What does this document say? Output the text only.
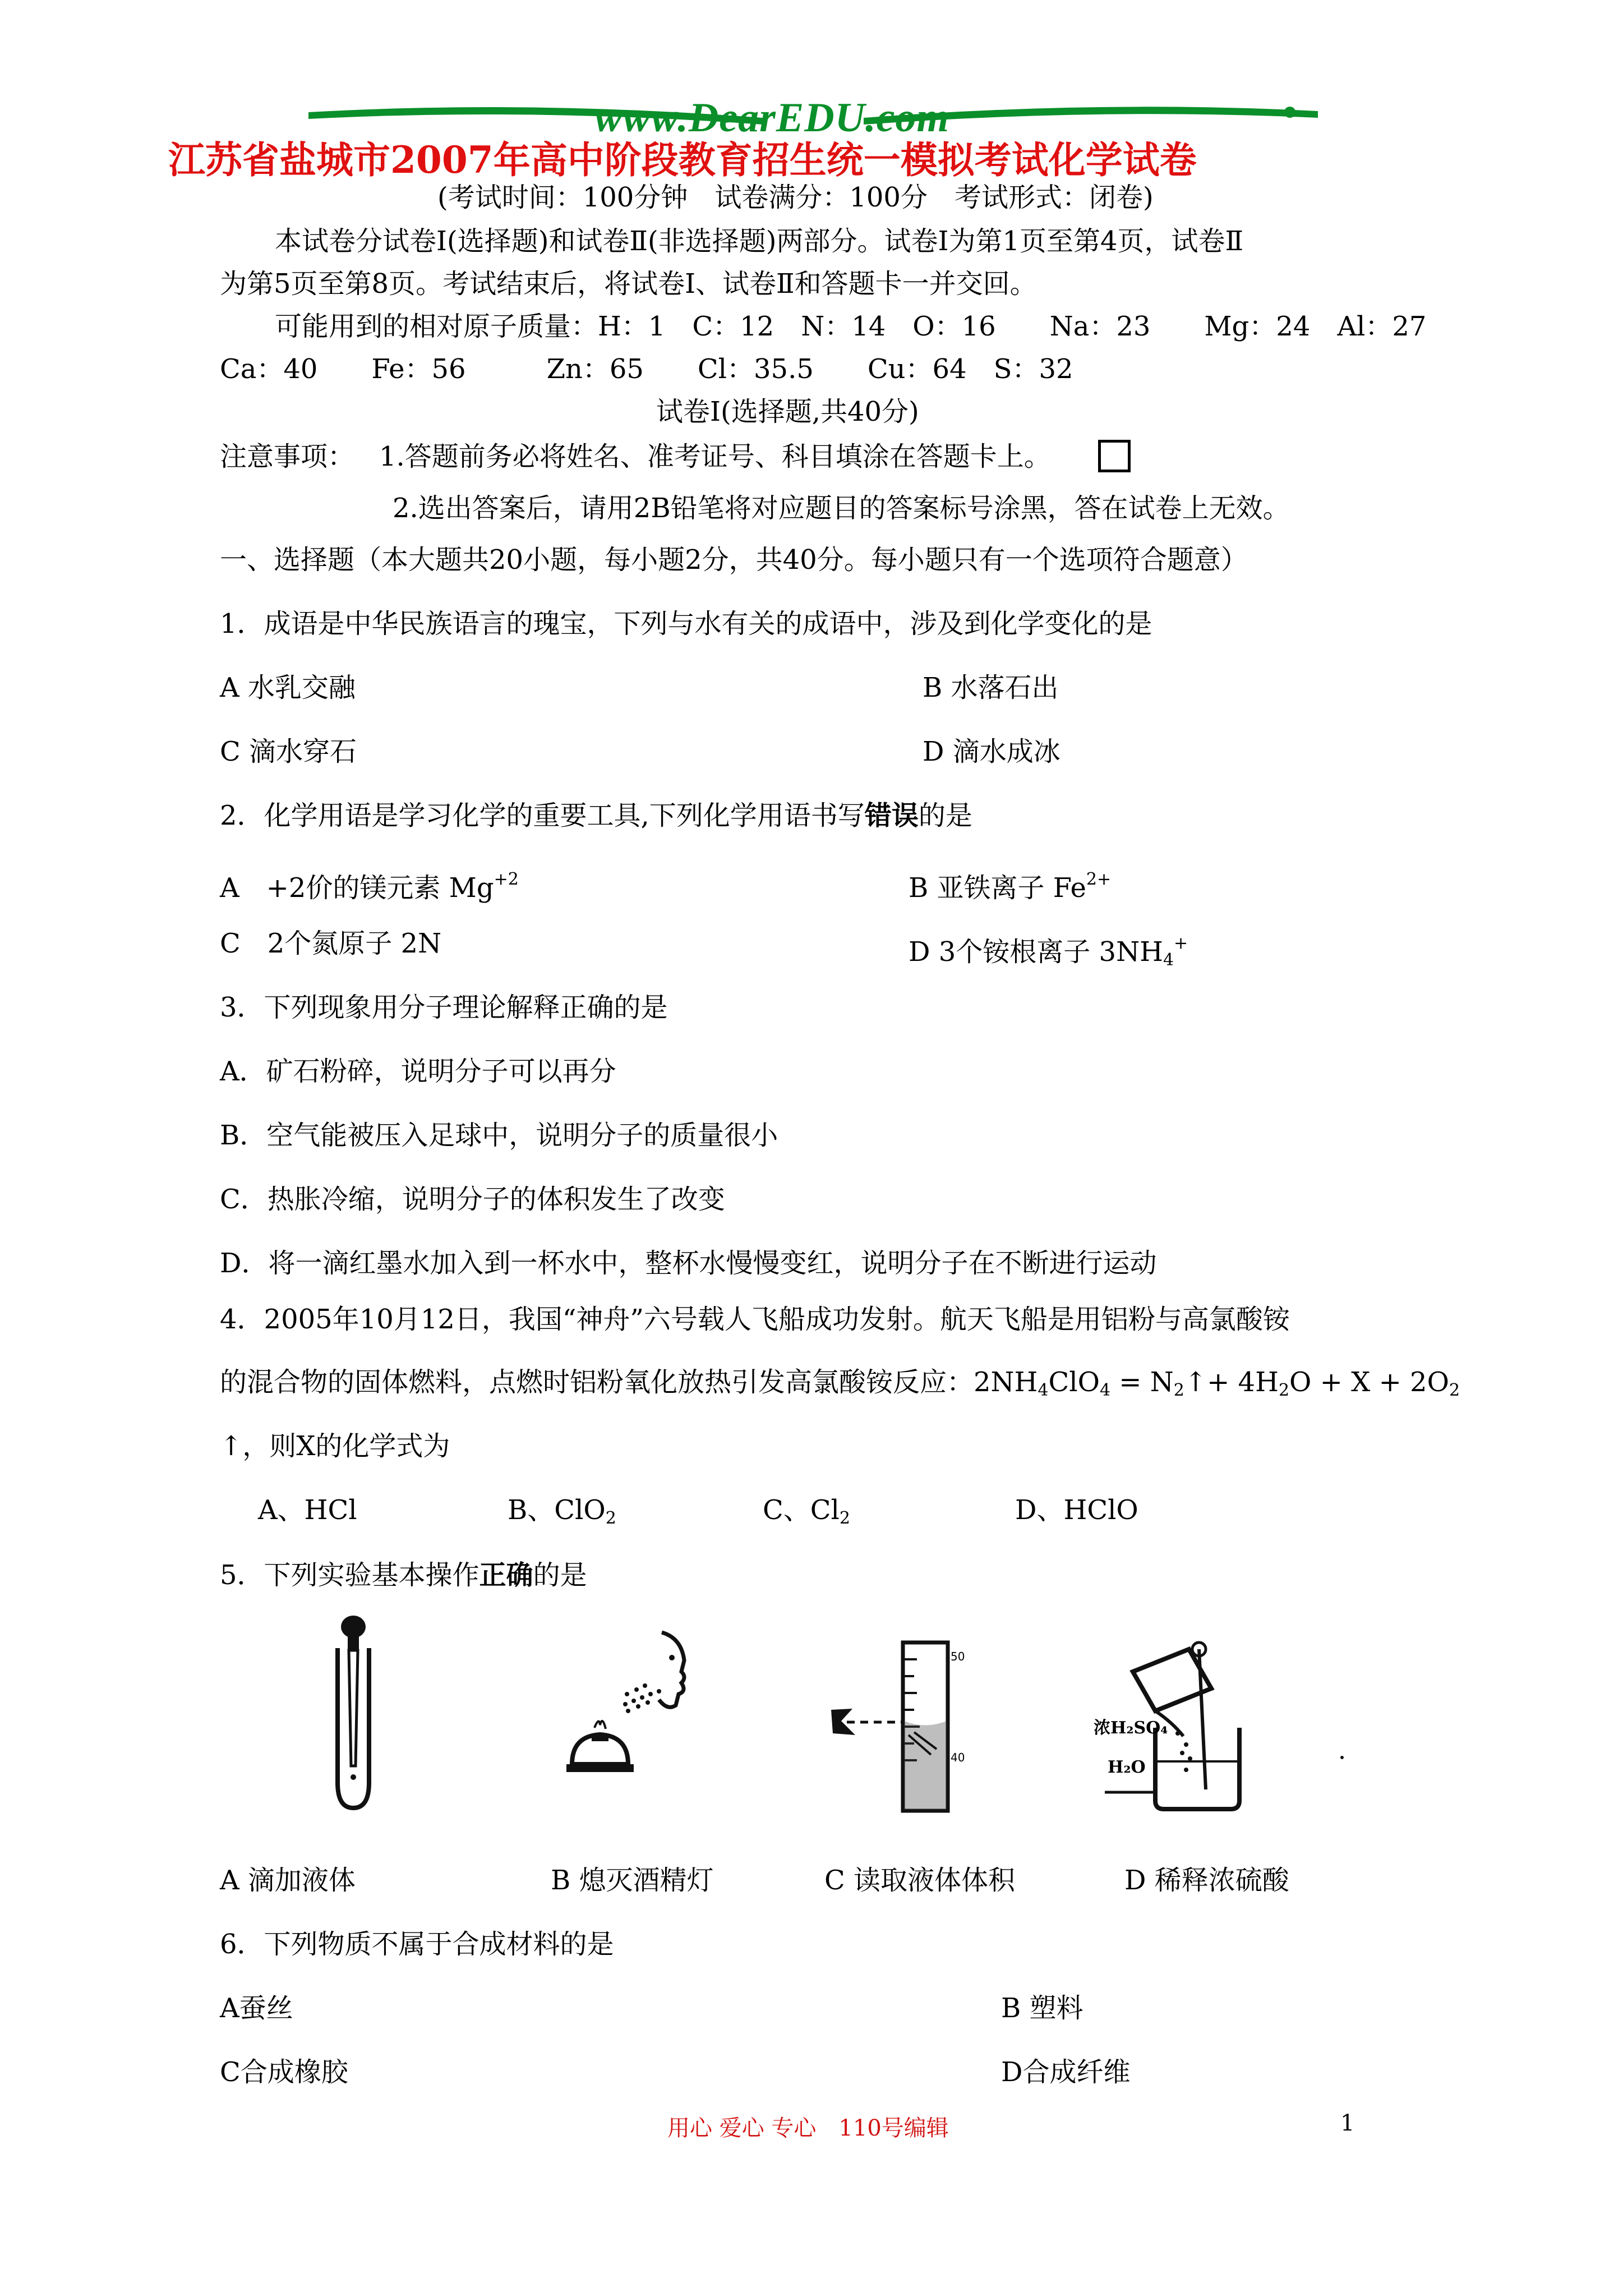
www.DearEDU.com
江苏省盐城市2007年高中阶段教育招生统一模拟考试化学试卷
(考试时间：100分钟　试卷满分：100分　考试形式：闭卷)
本试卷分试卷Ⅰ(选择题)和试卷Ⅱ(非选择题)两部分。试卷Ⅰ为第1页至第4页，试卷Ⅱ
为第5页至第8页。考试结束后，将试卷Ⅰ、试卷Ⅱ和答题卡一并交回。
可能用到的相对原子质量：H：1　C：12　N：14　O：16　　Na：23　　Mg：24　Al：27
Ca：40　　Fe：56　　　Zn：65　　Cl：35.5　　Cu：64　S：32
试卷Ⅰ(选择题,共40分)
注意事项： 1.答题前务必将姓名、准考证号、科目填涂在答题卡上。
2.选出答案后，请用2B铅笔将对应题目的答案标号涂黑，答在试卷上无效。
一、选择题（本大题共20小题，每小题2分，共40分。每小题只有一个选项符合题意）
1．成语是中华民族语言的瑰宝，下列与水有关的成语中，涉及到化学变化的是
A 水乳交融	B 水落石出
C 滴水穿石	D 滴水成冰
2．化学用语是学习化学的重要工具,下列化学用语书写错误的是
A　+2价的镁元素 $Mg^{+2}$	B 亚铁离子 $Fe^{2+}$
C　2个氮原子 2N	D 3个铵根离子 $3NH_4^+$
3．下列现象用分子理论解释正确的是
A．矿石粉碎，说明分子可以再分
B．空气能被压入足球中，说明分子的质量很小
C．热胀冷缩，说明分子的体积发生了改变
D．将一滴红墨水加入到一杯水中，整杯水慢慢变红，说明分子在不断进行运动
4．2005年10月12日，我国“神舟”六号载人飞船成功发射。航天飞船是用铝粉与高氯酸铵
的混合物的固体燃料，点燃时铝粉氧化放热引发高氯酸铵反应：$2NH_4ClO_4$ = $N_2↑+ 4H_2O + X + 2O_2$
↑，则X的化学式为
A、HCl	B、ClO$_2$	C、$Cl_2$	D、HClO
5．下列实验基本操作正确的是
50
40
浓H₂SO₄
H₂O
A 滴加液体	B 熄灭酒精灯	C 读取液体体积	D 稀释浓硫酸
6．下列物质不属于合成材料的是
A蚕丝	B 塑料
C合成橡胶	D合成纤维
用心 爱心 专心　110号编辑	1
